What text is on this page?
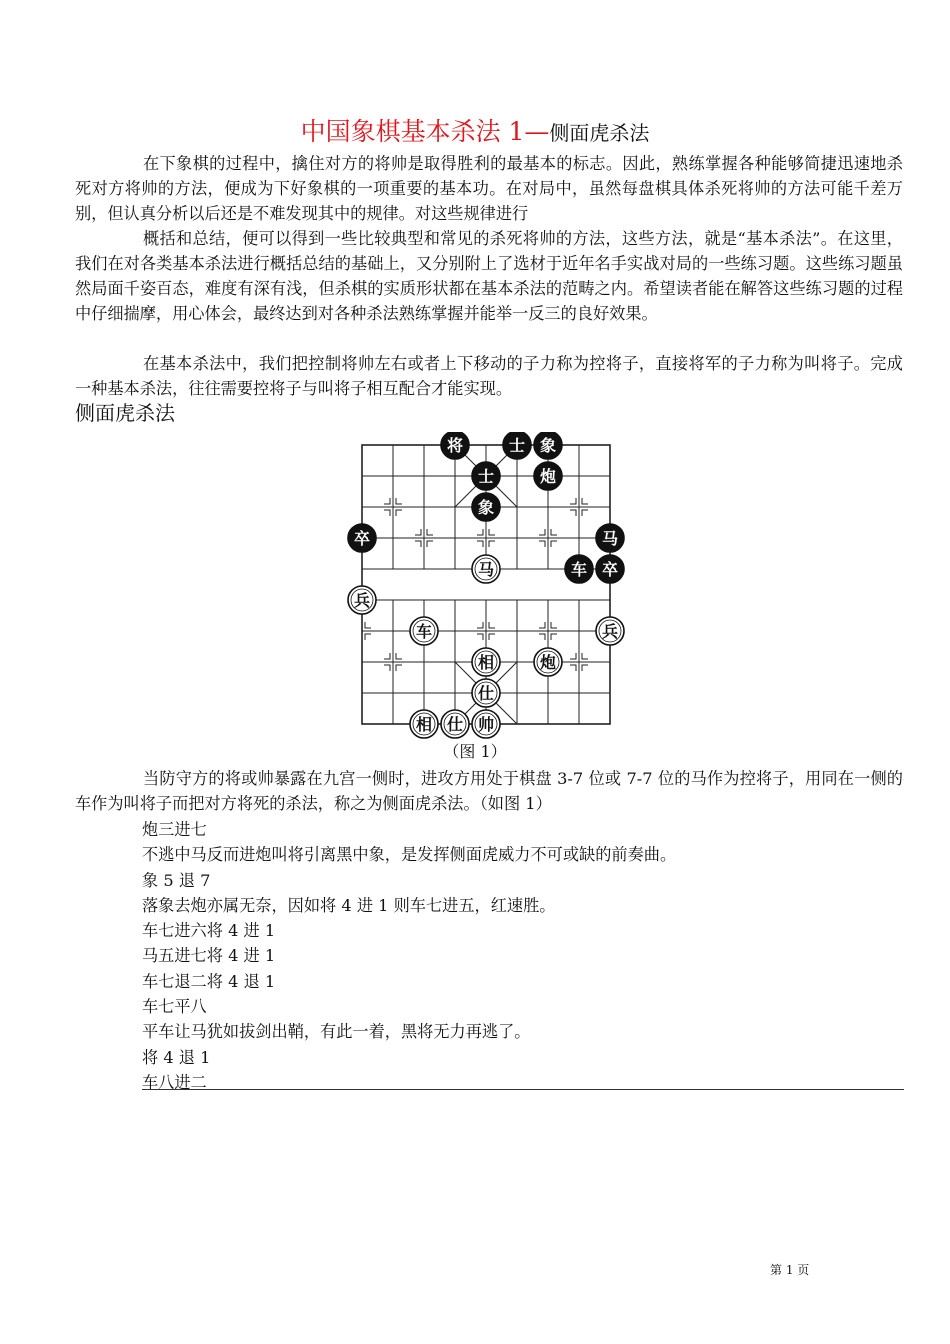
中国象棋基本杀法 1—侧面虎杀法
在下象棋的过程中，擒住对方的将帅是取得胜利的最基本的标志。因此，熟练掌握各种能够简捷迅速地杀死对方将帅的方法，便成为下好象棋的一项重要的基本功。在对局中，虽然每盘棋具体杀死将帅的方法可能千差万别，但认真分析以后还是不难发现其中的规律。对这些规律进行
概括和总结，便可以得到一些比较典型和常见的杀死将帅的方法，这些方法，就是“基本杀法”。在这里，我们在对各类基本杀法进行概括总结的基础上，又分别附上了选材于近年名手实战对局的一些练习题。这些练习题虽然局面千姿百态，难度有深有浅，但杀棋的实质形状都在基本杀法的范畴之内。希望读者能在解答这些练习题的过程中仔细揣摩，用心体会，最终达到对各种杀法熟练掌握并能举一反三的良好效果。
在基本杀法中，我们把控制将帅左右或者上下移动的子力称为控将子，直接将军的子力称为叫将子。完成一种基本杀法，往往需要控将子与叫将子相互配合才能实现。
侧面虎杀法
将	士 象
士	炮
象
卒	马
马	车 卒
兵
车	兵
相	炮
仕
相 仕 帅
（图 1）
当防守方的将或帅暴露在九宫一侧时，进攻方用处于棋盘 3-7 位或 7-7 位的马作为控将子，用同在一侧的车作为叫将子而把对方将死的杀法，称之为侧面虎杀法。（如图 1）
炮三进七
不逃中马反而进炮叫将引离黑中象，是发挥侧面虎威力不可或缺的前奏曲。
象 5 退 7
落象去炮亦属无奈，因如将 4 进 1 则车七进五，红速胜。
车七进六将 4 进 1
马五进七将 4 进 1
车七退二将 4 退 1
车七平八
平车让马犹如拔剑出鞘，有此一着，黑将无力再逃了。
将 4 退 1
车八进二
第 1 页
